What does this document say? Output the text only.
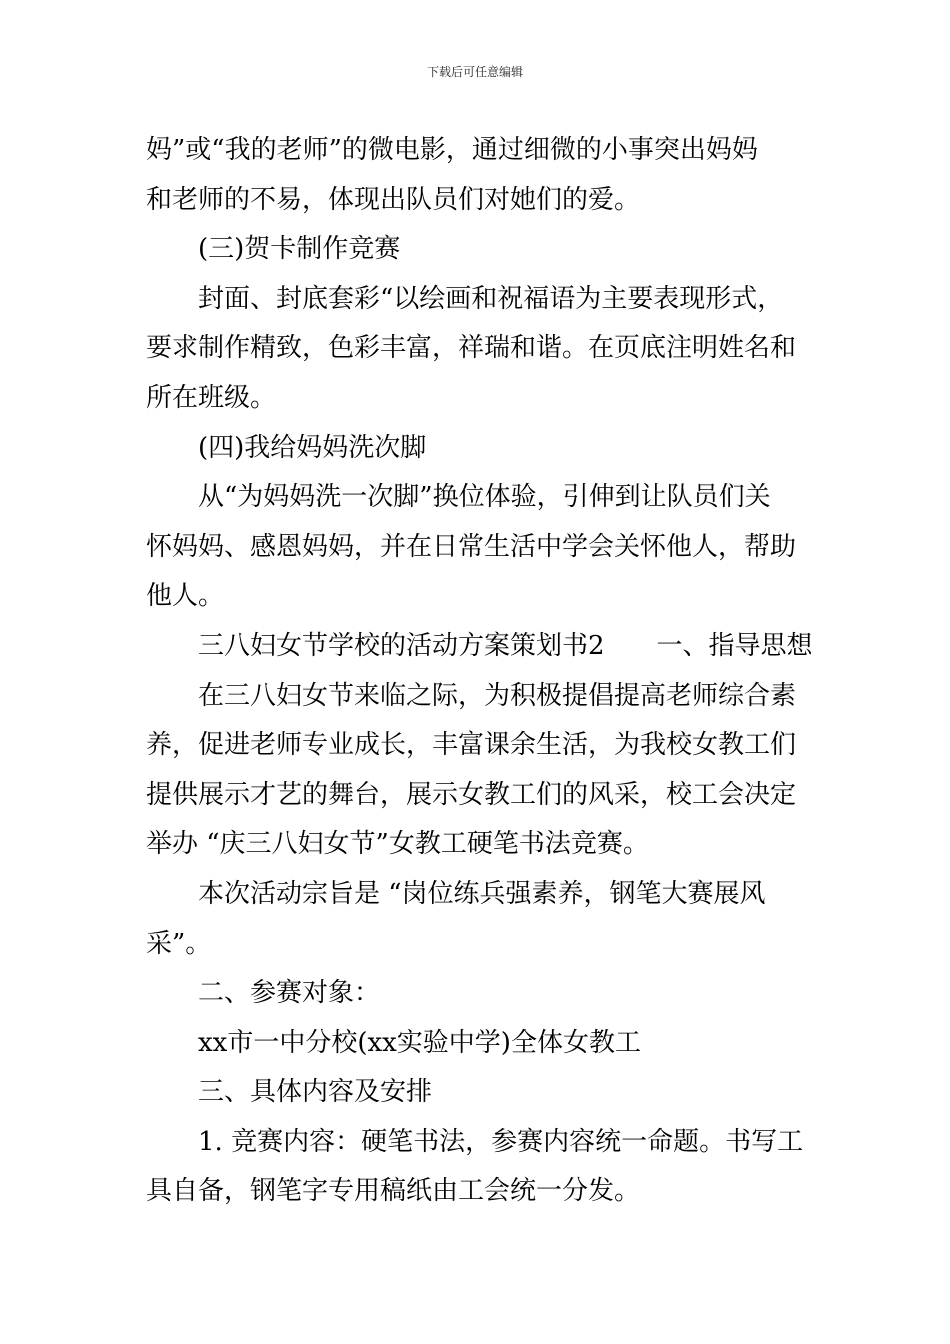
下载后可任意编辑

妈”或“我的老师”的微电影，通过细微的小事突出妈妈

和老师的不易，体现出队员们对她们的爱。

(三)贺卡制作竞赛

封面、封底套彩“以绘画和祝福语为主要表现形式，

要求制作精致，色彩丰富，祥瑞和谐。在页底注明姓名和

所在班级。

(四)我给妈妈洗次脚

从“为妈妈洗一次脚”换位体验，引伸到让队员们关

怀妈妈、感恩妈妈，并在日常生活中学会关怀他人，帮助

他人。

三八妇女节学校的活动方案策划书2 一、指导思想

在三八妇女节来临之际，为积极提倡提高老师综合素

养，促进老师专业成长，丰富课余生活，为我校女教工们

提供展示才艺的舞台，展示女教工们的风采，校工会决定

举办 “庆三八妇女节”女教工硬笔书法竞赛。

本次活动宗旨是 “岗位练兵强素养，钢笔大赛展风

采”。

二、参赛对象：

xx市一中分校(xx实验中学)全体女教工

三、具体内容及安排

1. 竞赛内容：硬笔书法，参赛内容统一命题。书写工

具自备，钢笔字专用稿纸由工会统一分发。
